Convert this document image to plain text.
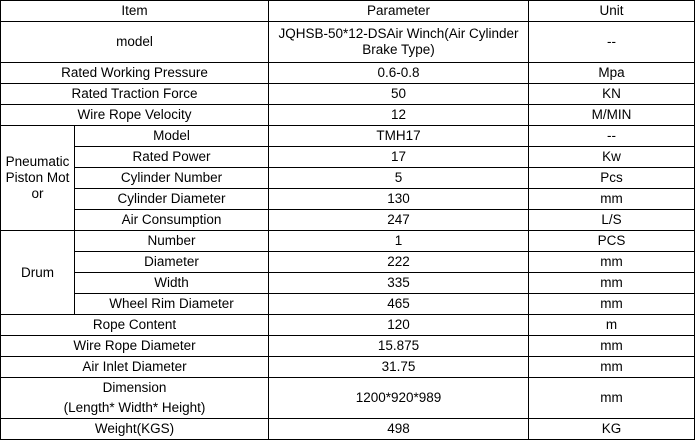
Item		Parameter	Unit
model		JQHSB-50*12-DSAir Winch(Air Cylinder Brake Type)	--
Rated Working Pressure		0.6-0.8	Mpa
Rated Traction Force		50	KN
Wire Rope Velocity		12	M/MIN
Pneumatic Piston Motor	Model	TMH17	--
	Rated Power	17	Kw
	Cylinder Number	5	Pcs
	Cylinder Diameter	130	mm
	Air Consumption	247	L/S
Drum	Number	1	PCS
	Diameter	222	mm
	Width	335	mm
	Wheel Rim Diameter	465	mm
Rope Content		120	m
Wire Rope Diameter		15.875	mm
Air Inlet Diameter		31.75	mm

Dimension
(Length* Width* Height)		1200*920*989	mm
Weight(KGS)		498	KG
